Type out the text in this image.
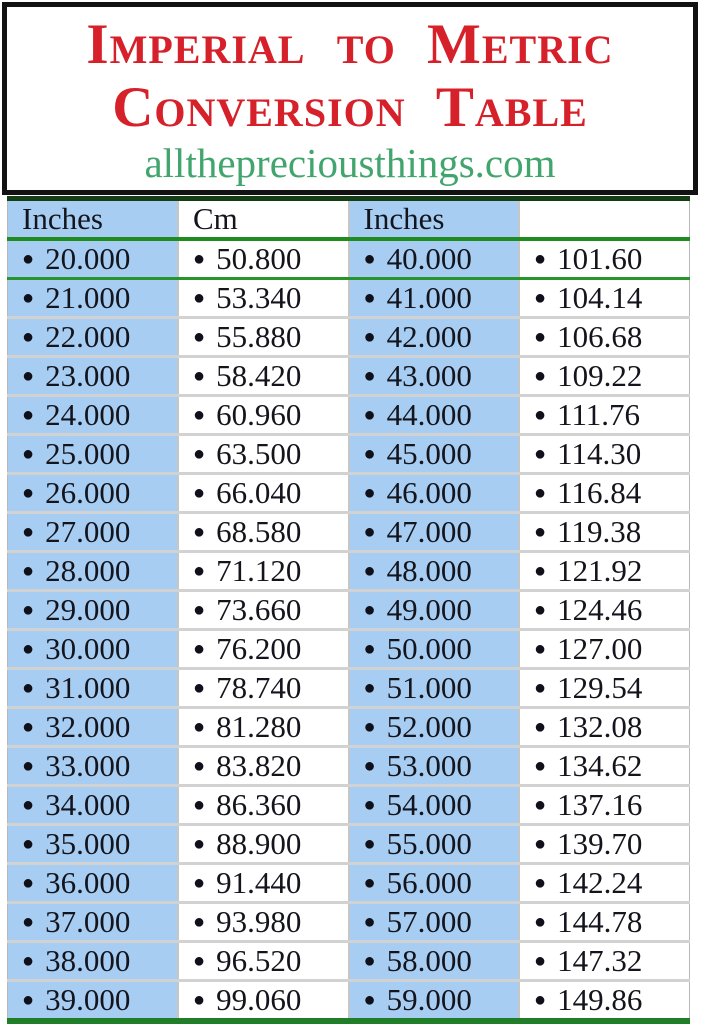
Imperial to Metric
Conversion Table
allthepreciousthings.com
Inches	Cm	Inches	
● 20.000	● 50.800	● 40.000	● 101.60
● 21.000	● 53.340	● 41.000	● 104.14
● 22.000	● 55.880	● 42.000	● 106.68
● 23.000	● 58.420	● 43.000	● 109.22
● 24.000	● 60.960	● 44.000	● 111.76
● 25.000	● 63.500	● 45.000	● 114.30
● 26.000	● 66.040	● 46.000	● 116.84
● 27.000	● 68.580	● 47.000	● 119.38
● 28.000	● 71.120	● 48.000	● 121.92
● 29.000	● 73.660	● 49.000	● 124.46
● 30.000	● 76.200	● 50.000	● 127.00
● 31.000	● 78.740	● 51.000	● 129.54
● 32.000	● 81.280	● 52.000	● 132.08
● 33.000	● 83.820	● 53.000	● 134.62
● 34.000	● 86.360	● 54.000	● 137.16
● 35.000	● 88.900	● 55.000	● 139.70
● 36.000	● 91.440	● 56.000	● 142.24
● 37.000	● 93.980	● 57.000	● 144.78
● 38.000	● 96.520	● 58.000	● 147.32
● 39.000	● 99.060	● 59.000	● 149.86
